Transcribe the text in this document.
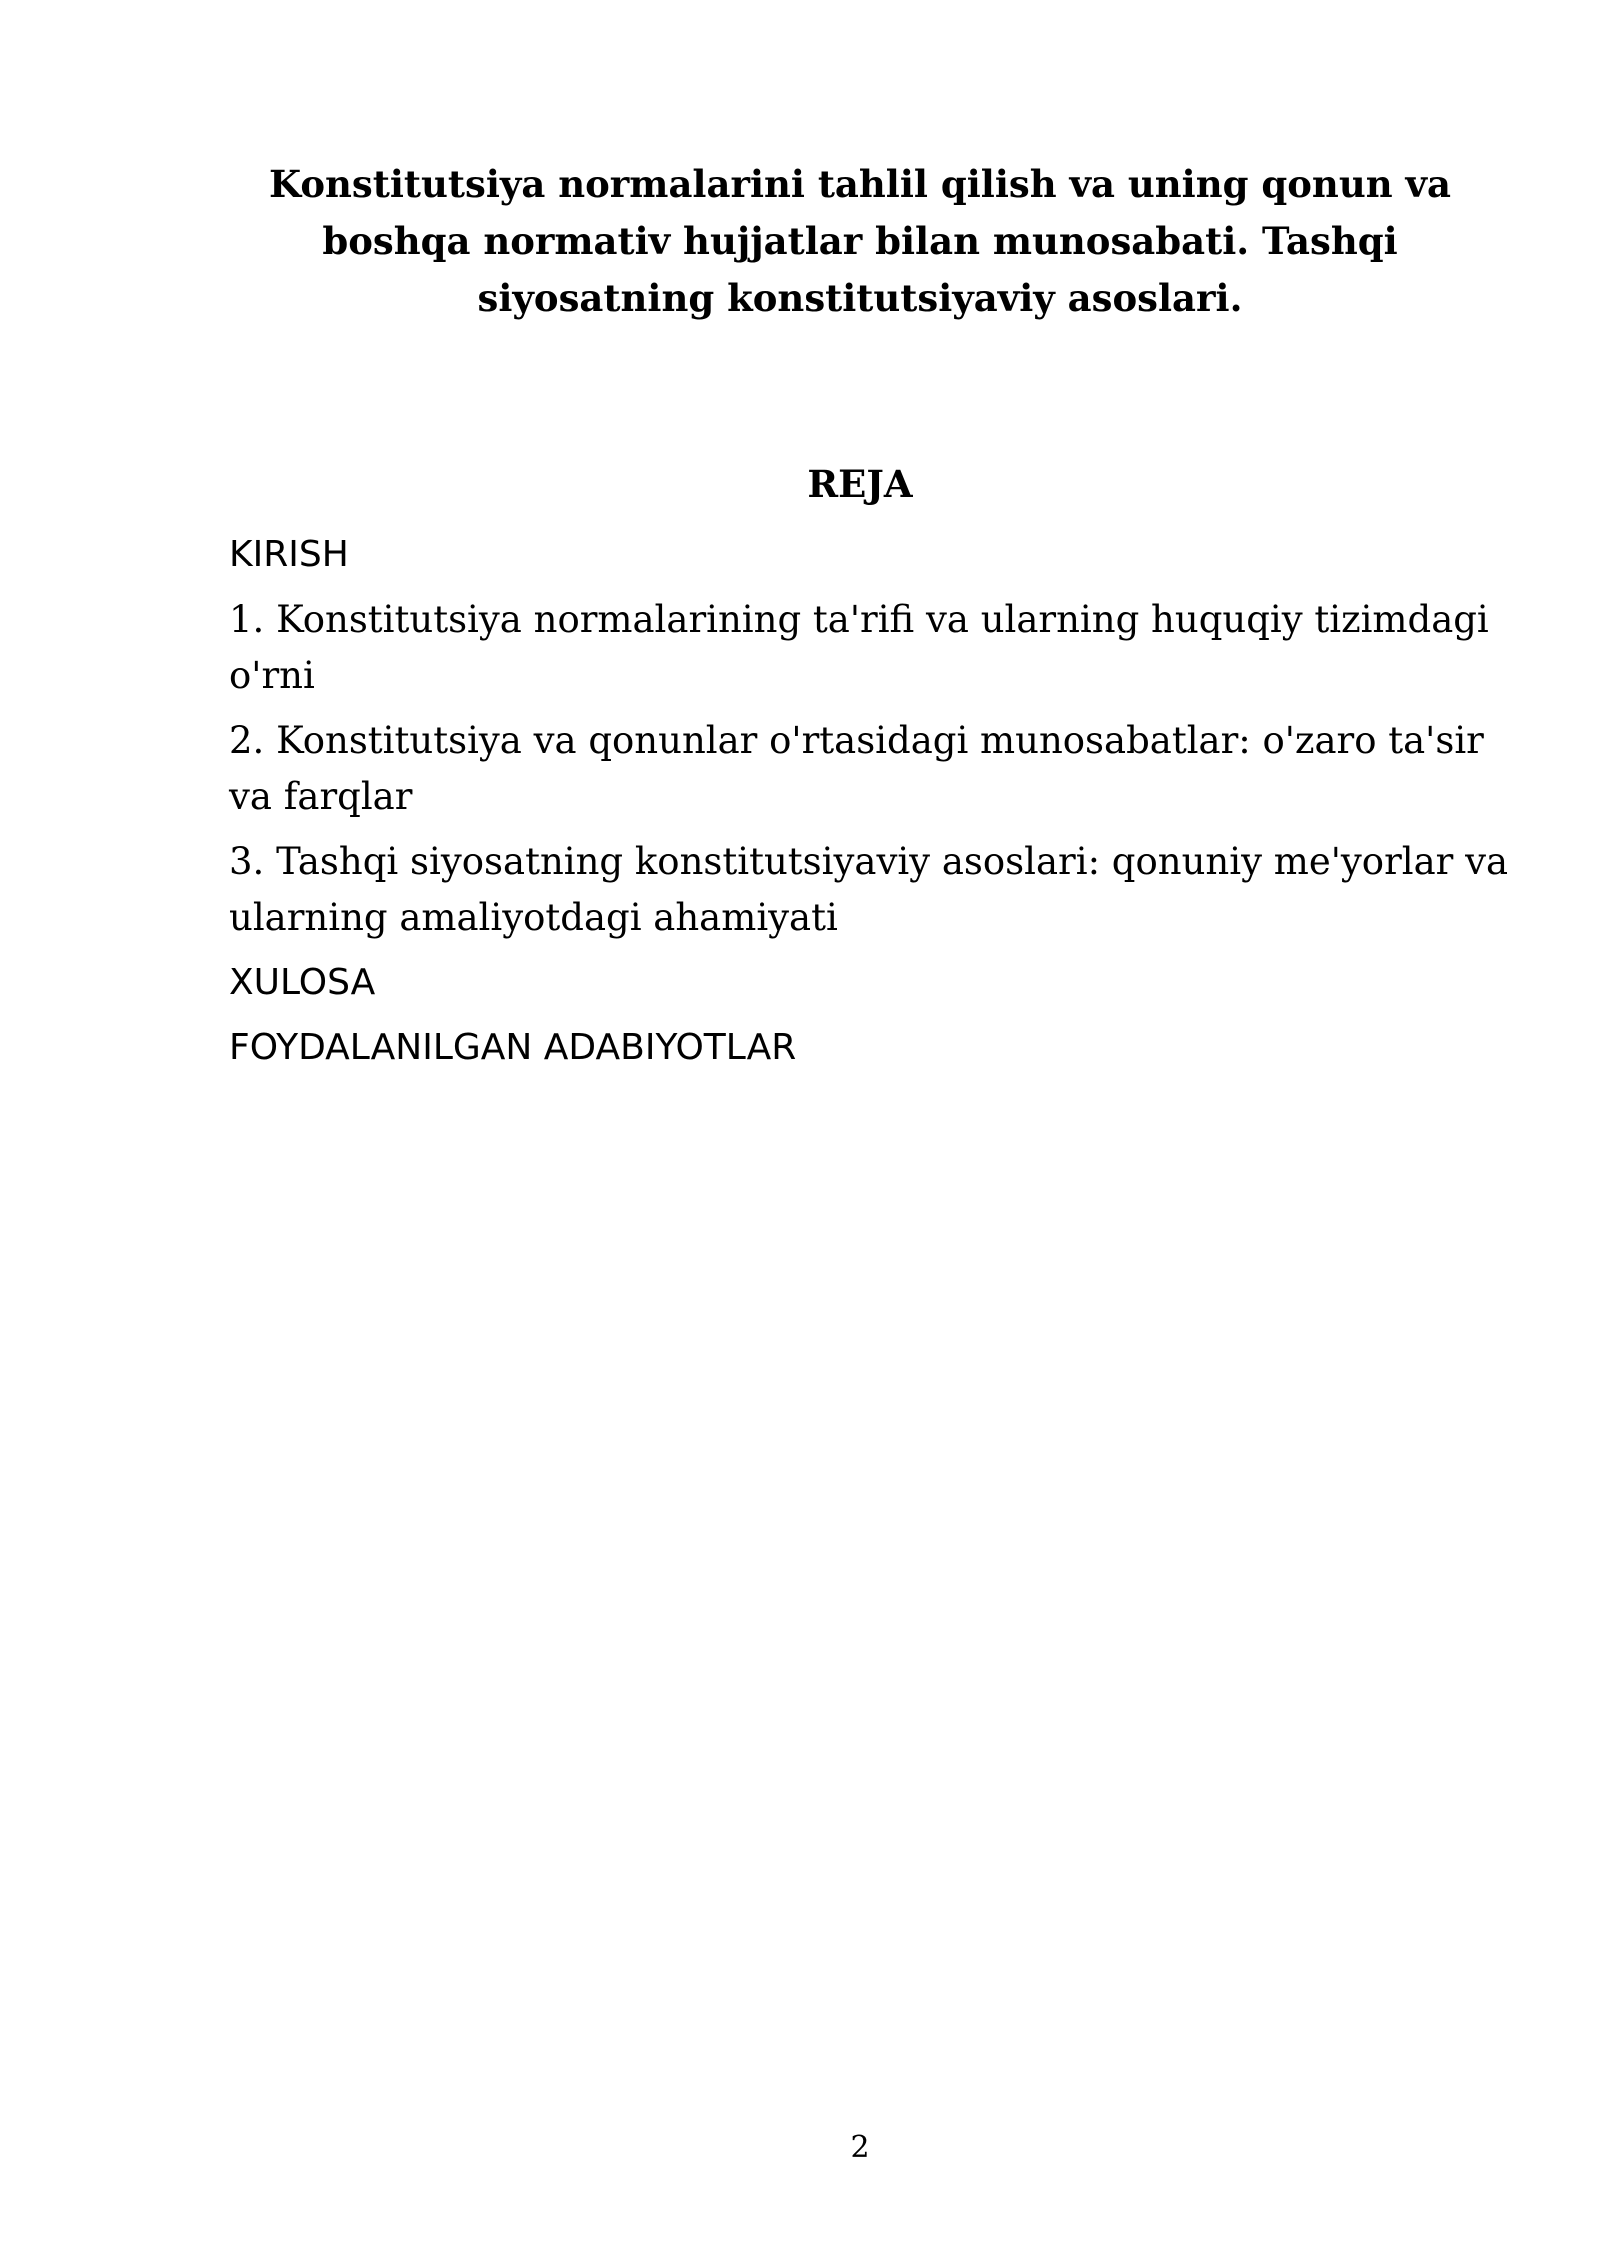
Konstitutsiya normalarini tahlil qilish va uning qonun va boshqa normativ hujjatlar bilan munosabati. Tashqi siyosatning konstitutsiyaviy asoslari.
REJA
KIRISH
1. Konstitutsiya normalarining ta'rifi va ularning huquqiy tizimdagi o'rni
2. Konstitutsiya va qonunlar o'rtasidagi munosabatlar: o'zaro ta'sir va farqlar
3. Tashqi siyosatning konstitutsiyaviy asoslari: qonuniy me'yorlar va ularning amaliyotdagi ahamiyati
XULOSA
FOYDALANILGAN ADABIYOTLAR
2
